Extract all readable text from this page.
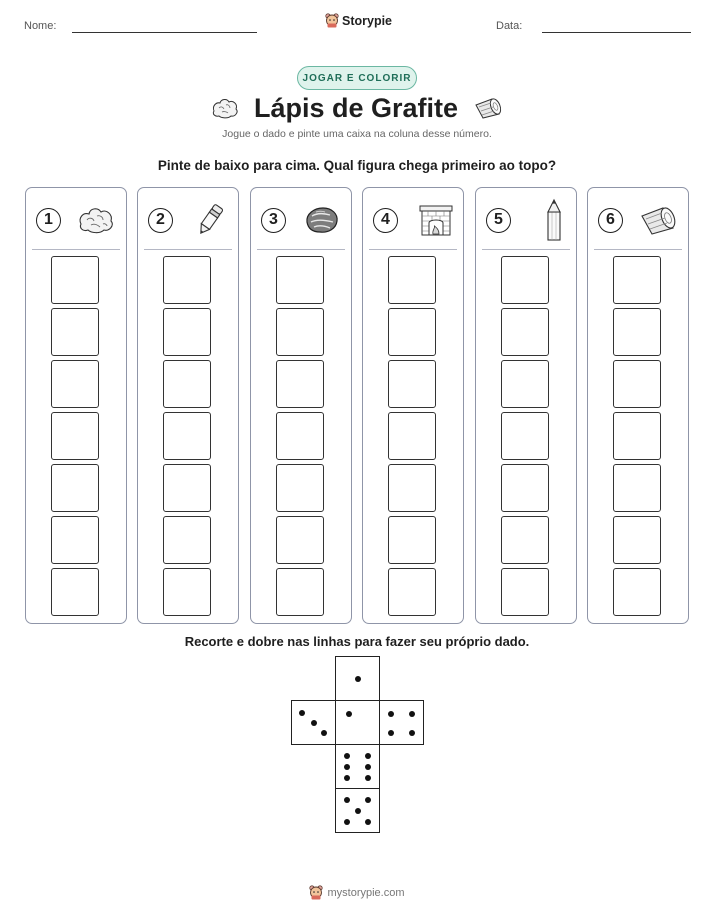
Nome:	Storypie	Data:
JOGAR E COLORIR
Lápis de Grafite
Jogue o dado e pinte uma caixa na coluna desse número.
Pinte de baixo para cima. Qual figura chega primeiro ao topo?
1	2	3	4	5	6
Recorte e dobre nas linhas para fazer seu próprio dado.
mystorypie.com
